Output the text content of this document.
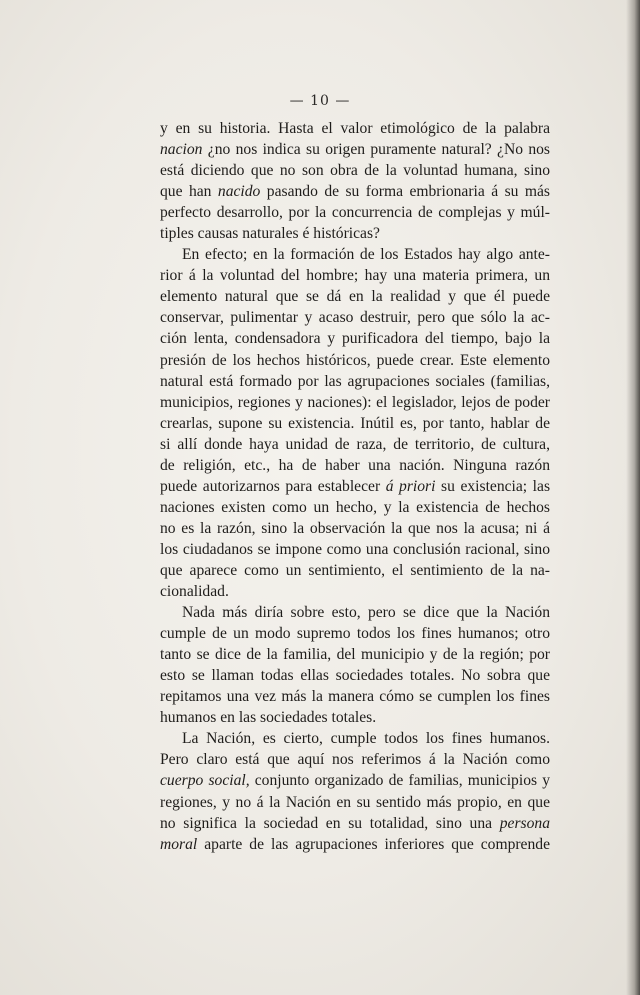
— 10 —
y en su historia. Hasta el valor etimológico de la palabra
nacion ¿no nos indica su origen puramente natural? ¿No nos
está diciendo que no son obra de la voluntad humana, sino
que han nacido pasando de su forma embrionaria á su más
perfecto desarrollo, por la concurrencia de complejas y múl-
tiples causas naturales é históricas?
En efecto; en la formación de los Estados hay algo ante-
rior á la voluntad del hombre; hay una materia primera, un
elemento natural que se dá en la realidad y que él puede
conservar, pulimentar y acaso destruir, pero que sólo la ac-
ción lenta, condensadora y purificadora del tiempo, bajo la
presión de los hechos históricos, puede crear. Este elemento
natural está formado por las agrupaciones sociales (familias,
municipios, regiones y naciones): el legislador, lejos de poder
crearlas, supone su existencia. Inútil es, por tanto, hablar de
si allí donde haya unidad de raza, de territorio, de cultura,
de religión, etc., ha de haber una nación. Ninguna razón
puede autorizarnos para establecer á priori su existencia; las
naciones existen como un hecho, y la existencia de hechos
no es la razón, sino la observación la que nos la acusa; ni á
los ciudadanos se impone como una conclusión racional, sino
que aparece como un sentimiento, el sentimiento de la na-
cionalidad.
Nada más diría sobre esto, pero se dice que la Nación
cumple de un modo supremo todos los fines humanos; otro
tanto se dice de la familia, del municipio y de la región; por
esto se llaman todas ellas sociedades totales. No sobra que
repitamos una vez más la manera cómo se cumplen los fines
humanos en las sociedades totales.
La Nación, es cierto, cumple todos los fines humanos.
Pero claro está que aquí nos referimos á la Nación como
cuerpo social, conjunto organizado de familias, municipios y
regiones, y no á la Nación en su sentido más propio, en que
no significa la sociedad en su totalidad, sino una persona
moral aparte de las agrupaciones inferiores que comprende
